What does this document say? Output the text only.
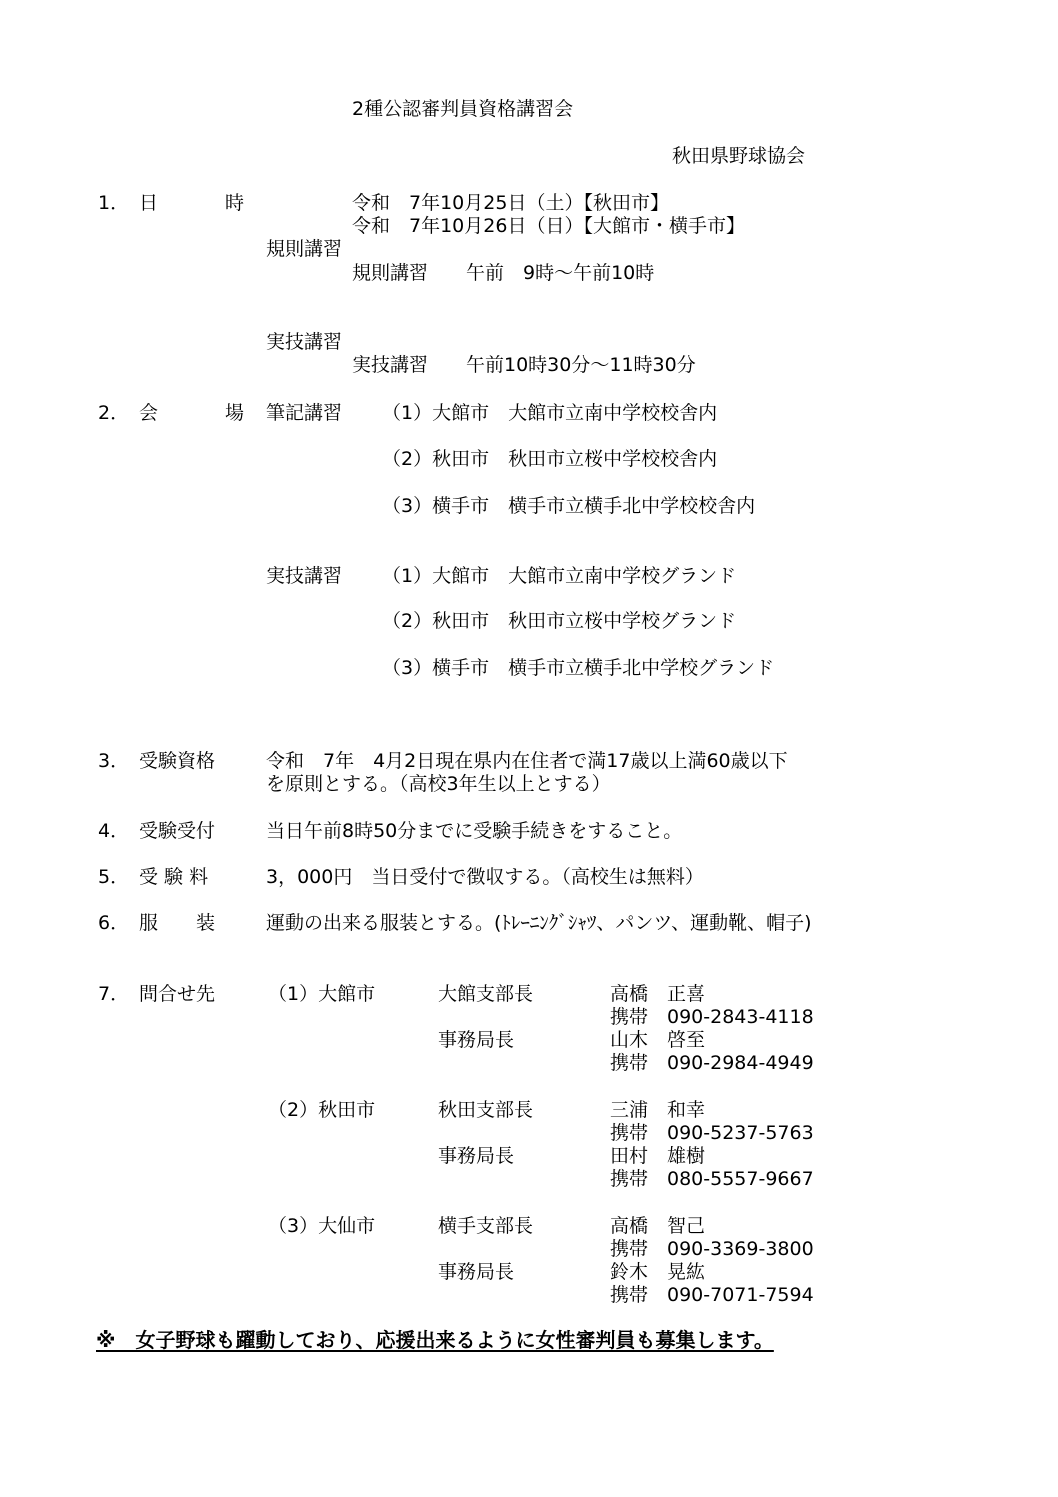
2種公認審判員資格講習会
秋田県野球協会
1． 日	時	令和　7年10月25日（土）【秋田市】
令和　7年10月26日（日）【大館市・横手市】
規則講習
規則講習　　午前　9時～午前10時
実技講習
実技講習　　午前10時30分～11時30分
2． 会	場 筆記講習 （1）大館市　大館市立南中学校校舎内
（2）秋田市　秋田市立桜中学校校舎内
（3）横手市　横手市立横手北中学校校舎内
実技講習 （1）大館市　大館市立南中学校グランド
（2）秋田市　秋田市立桜中学校グランド
（3）横手市　横手市立横手北中学校グランド
3． 受験資格	令和　7年　4月2日現在県内在住者で満17歳以上満60歳以下
を原則とする。（高校3年生以上とする）
4． 受験受付	当日午前8時50分までに受験手続きをすること。
5． 受 験 料	3，000円　当日受付で徴収する。（高校生は無料）
6． 服　　装	運動の出来る服装とする。(ﾄﾚｰﾆﾝｸﾞｼｬﾂ、パンツ、運動靴、帽子)
7． 問合せ先	（1）大館市	大館支部長	高橋　正喜
携帯　090-2843-4118
事務局長	山木　啓至
携帯　090-2984-4949
（2）秋田市	秋田支部長	三浦　和幸
携帯　090-5237-5763
事務局長	田村　雄樹
携帯　080-5557-9667
（3）大仙市	横手支部長	高橋　智己
携帯　090-3369-3800
事務局長	鈴木　晃紘
携帯　090-7071-7594
※　女子野球も躍動しており、応援出来るように女性審判員も募集します。
